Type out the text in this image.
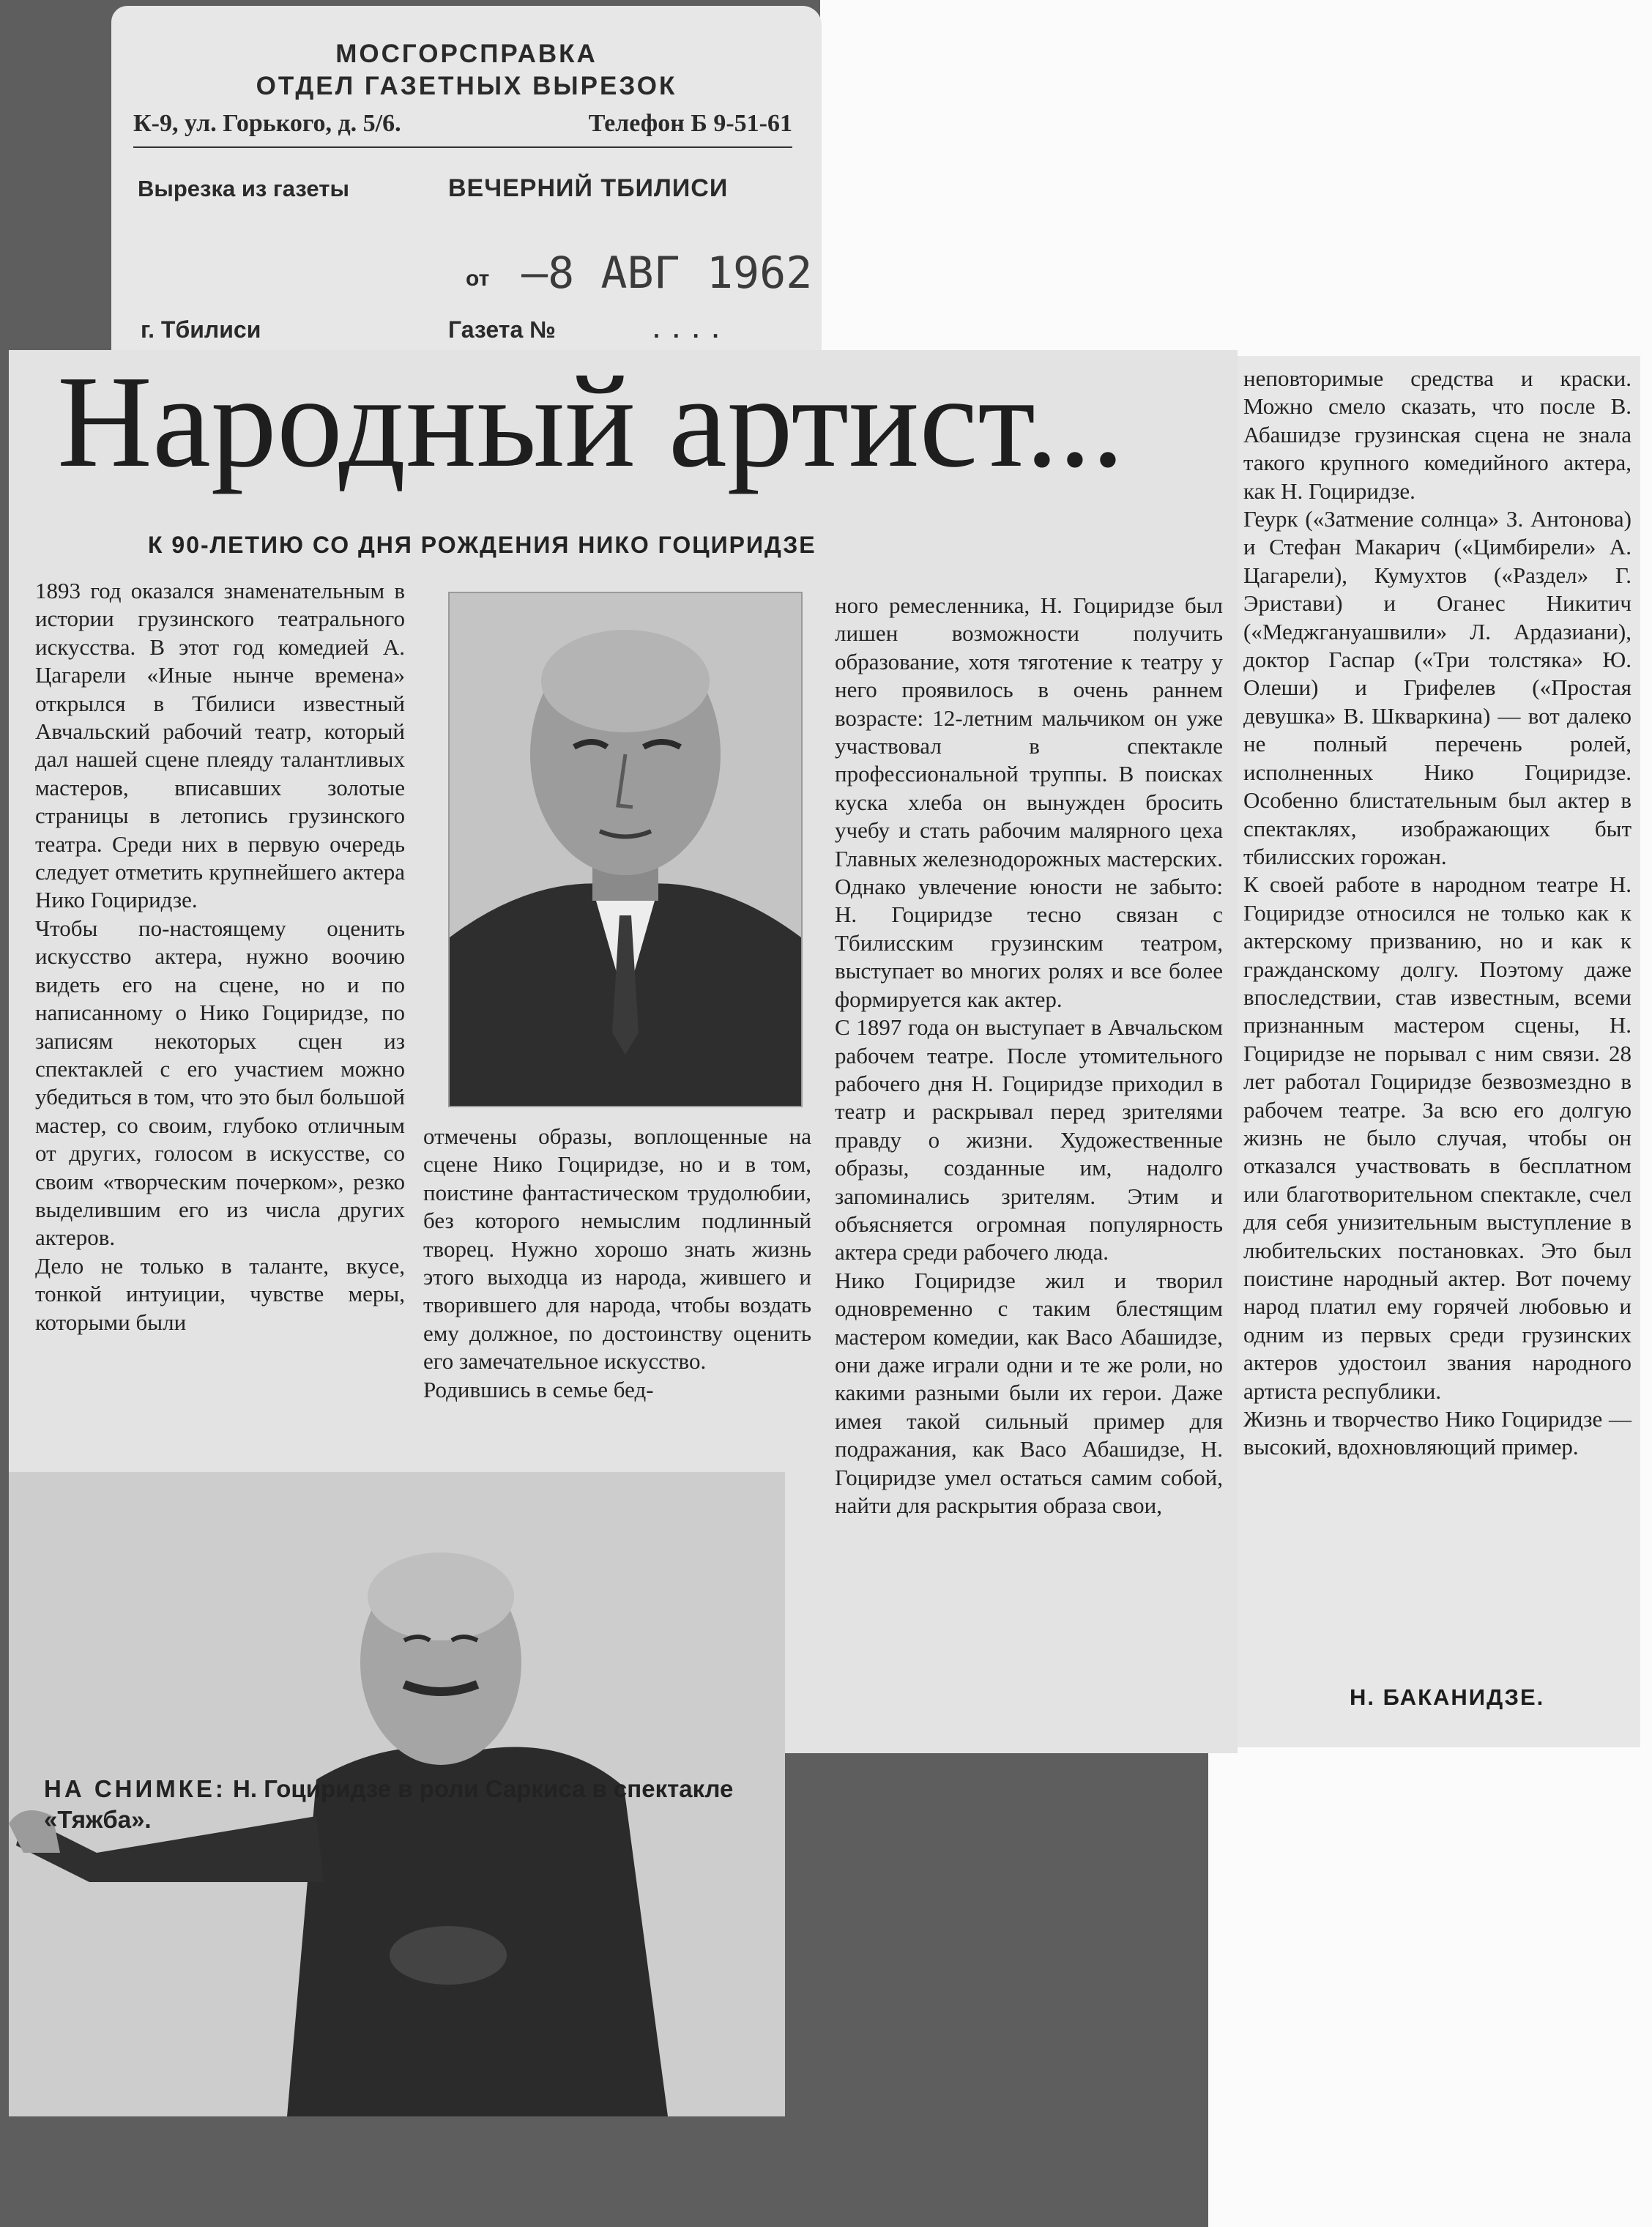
МОСГОРСПРАВКА
ОТДЕЛ ГАЗЕТНЫХ ВЫРЕЗОК
К-9, ул. Горького, д. 5/6.	Телефон Б 9-51-61
Вырезка из газеты	ВЕЧЕРНИЙ ТБИЛИСИ
от —8 АВГ 1962
г. Тбилиси	Газета №	....
Народный артист...
К 90-ЛЕТИЮ СО ДНЯ РОЖДЕНИЯ НИКО ГОЦИРИДЗЕ
1893 год оказался знаменательным в истории грузинского театрального искусства. В этот год комедией А. Цагарели «Иные нынче времена» открылся в Тбилиси известный Авчальский рабочий театр, который дал нашей сцене плеяду талантливых мастеров, вписавших золотые страницы в летопись грузинского театра. Среди них в первую очередь следует отметить крупнейшего актера Нико Гоциридзе.
Чтобы по-настоящему оценить искусство актера, нужно воочию видеть его на сцене, но и по написанному о Нико Гоциридзе, по записям некоторых сцен из спектаклей с его участием можно убедиться в том, что это был большой мастер, со своим, глубоко отличным от других, голосом в искусстве, со своим «творческим почерком», резко выделившим его из числа других актеров.
Дело не только в таланте, вкусе, тонкой интуиции, чувстве меры, которыми были
отмечены образы, воплощенные на сцене Нико Гоциридзе, но и в том, поистине фантастическом трудолюбии, без которого немыслим подлинный творец. Нужно хорошо знать жизнь этого выходца из народа, жившего и творившего для народа, чтобы воздать ему должное, по достоинству оценить его замечательное искусство.
Родившись в семье бед-
ного ремесленника, Н. Гоциридзе был лишен возможности получить образование, хотя тяготение к театру у него проявилось в очень раннем возрасте: 12-летним мальчиком он уже участвовал в спектакле профессиональной труппы. В поисках куска хлеба он вынужден бросить учебу и стать рабочим малярного цеха Главных железнодорожных мастерских. Однако увлечение юности не забыто: Н. Гоциридзе тесно связан с Тбилисским грузинским театром, выступает во многих ролях и все более формируется как актер.
С 1897 года он выступает в Авчальском рабочем театре. После утомительного рабочего дня Н. Гоциридзе приходил в театр и раскрывал перед зрителями правду о жизни. Художественные образы, созданные им, надолго запоминались зрителям. Этим и объясняется огромная популярность актера среди рабочего люда.
Нико Гоциридзе жил и творил одновременно с таким блестящим мастером комедии, как Васо Абашидзе, они даже играли одни и те же роли, но какими разными были их герои. Даже имея такой сильный пример для подражания, как Васо Абашидзе, Н. Гоциридзе умел остаться самим собой, найти для раскрытия образа свои,
неповторимые средства и краски. Можно смело сказать, что после В. Абашидзе грузинская сцена не знала такого крупного комедийного актера, как Н. Гоциридзе.
Геурк («Затмение солнца» З. Антонова) и Стефан Макарич («Цимбирели» А. Цагарели), Кумухтов («Раздел» Г. Эристави) и Оганес Никитич («Меджгануашвили» Л. Ардазиани), доктор Гаспар («Три толстяка» Ю. Олеши) и Грифелев («Простая девушка» В. Шкваркина) — вот далеко не полный перечень ролей, исполненных Нико Гоциридзе. Особенно блистательным был актер в спектаклях, изображающих быт тбилисских горожан.
К своей работе в народном театре Н. Гоциридзе относился не только как к актерскому призванию, но и как к гражданскому долгу. Поэтому даже впоследствии, став известным, всеми признанным мастером сцены, Н. Гоциридзе не порывал с ним связи. 28 лет работал Гоциридзе безвозмездно в рабочем театре. За всю его долгую жизнь не было случая, чтобы он отказался участвовать в бесплатном или благотворительном спектакле, счел для себя унизительным выступление в любительских постановках. Это был поистине народный актер. Вот почему народ платил ему горячей любовью и одним из первых среди грузинских актеров удостоил звания народного артиста республики.
Жизнь и творчество Нико Гоциридзе — высокий, вдохновляющий пример.
Н. БАКАНИДЗЕ.
НА СНИМКЕ: Н. Гоциридзе в роли Саркиса в спектакле «Тяжба».
